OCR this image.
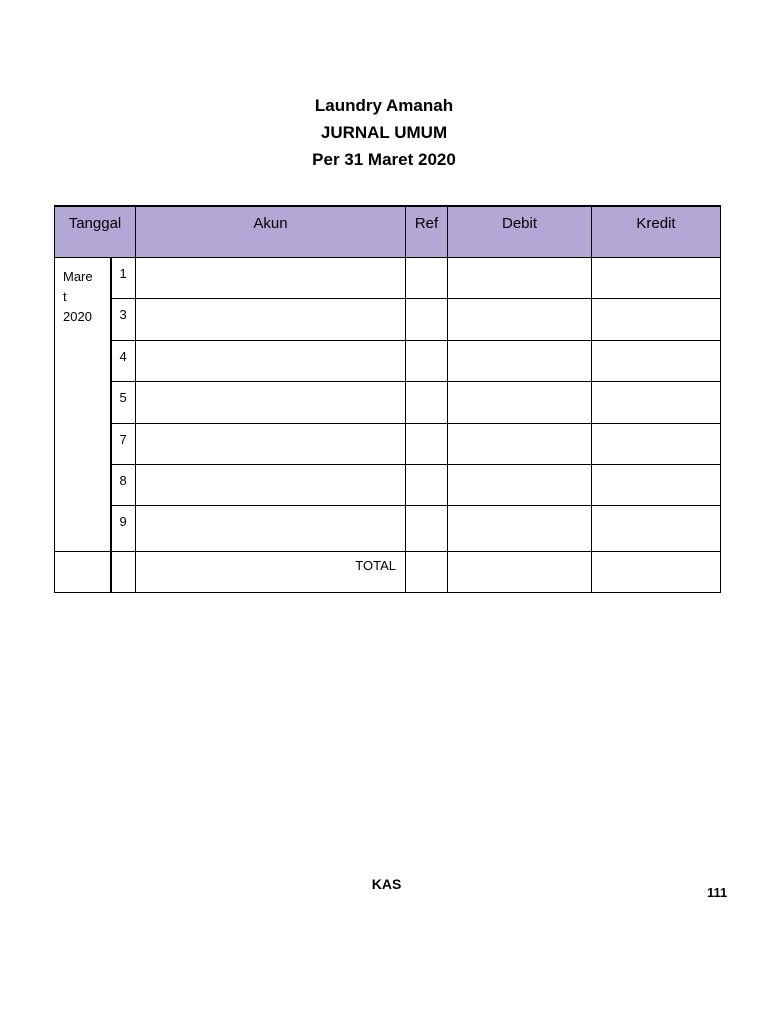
Laundry Amanah
JURNAL UMUM
Per 31 Maret 2020
Tanggal		Akun	Ref	Debit	Kredit

Mare
t
2020	1				
	3				
	4				
	5				
	7				
	8				
	9				
		TOTAL			
KAS
111
